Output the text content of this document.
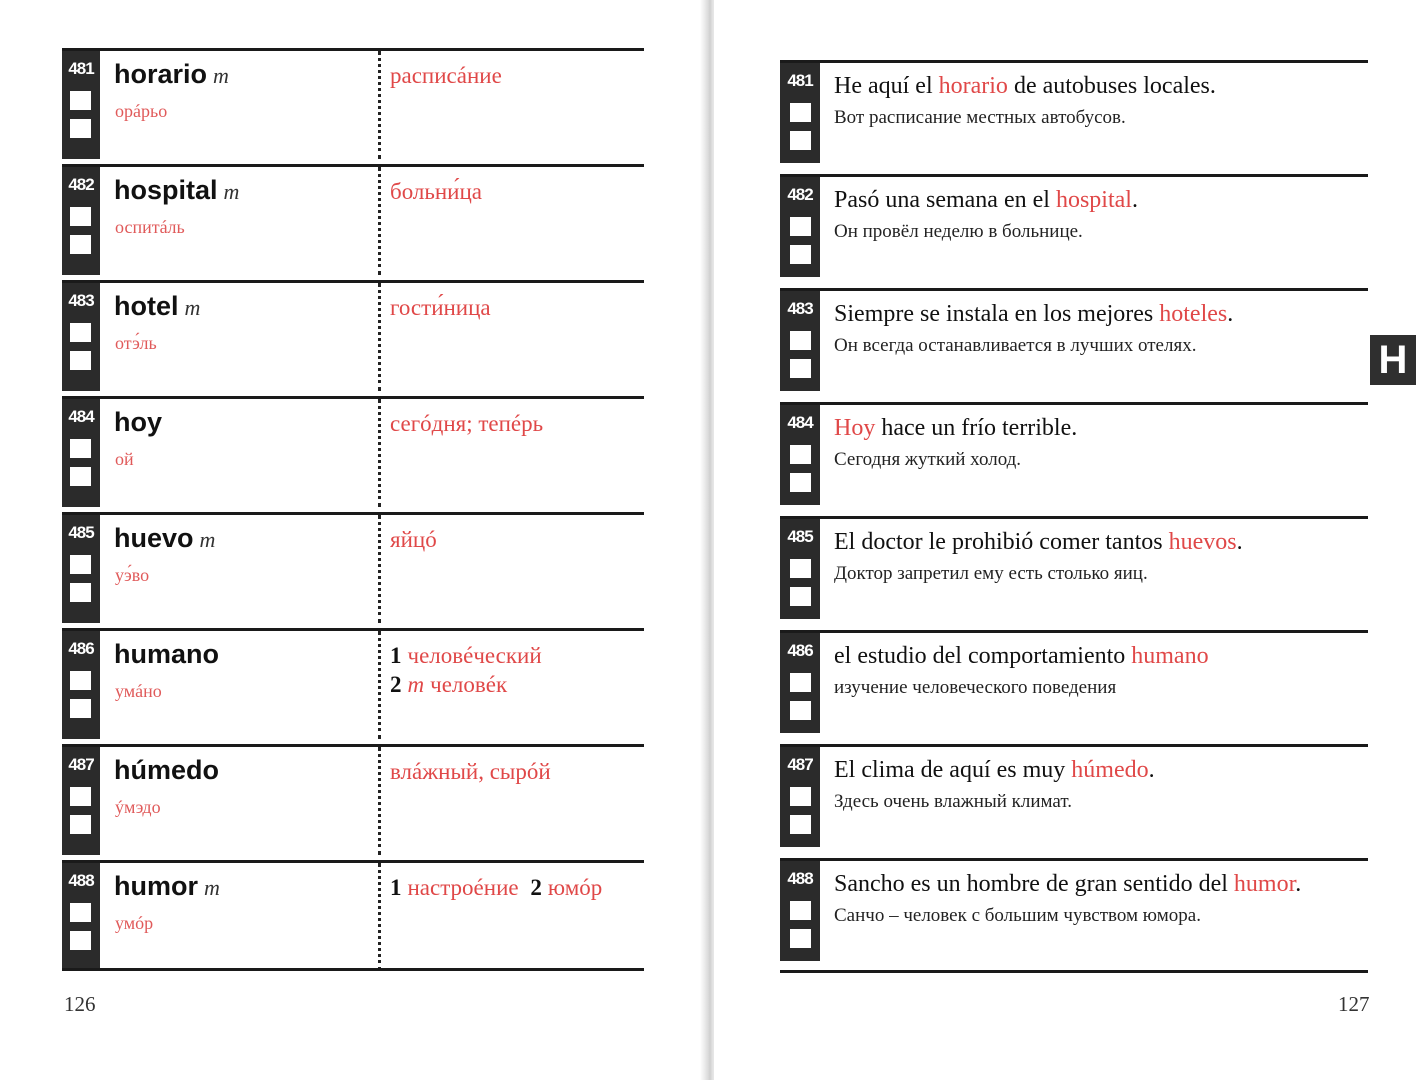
481 horario m
орáрьо
расписáние
482 hospital m
оспитáль
больни́ца
483 hotel m
отэ́ль
гости́ница
484 hoy
ой
сегóдня; тепéрь
485 huevo m
уэ́во
яйцó
486 humano
умáно
1 человéческий
2 m человéк
487 húmedo
ýмэдо
влáжный, сырóй
488 humor m
умóр
1 настроéние 2 юмóр
126
481 He aquí el horario de autobuses locales.
Вот расписание местных автобусов.
482 Pasó una semana en el hospital.
Он провёл неделю в больнице.
483 Siempre se instala en los mejores hoteles.
Он всегда останавливается в лучших отелях.
484 Hoy hace un frío terrible.
Сегодня жуткий холод.
485 El doctor le prohibió comer tantos huevos.
Доктор запретил ему есть столько яиц.
486 el estudio del comportamiento humano
изучение человеческого поведения
487 El clima de aquí es muy húmedo.
Здесь очень влажный климат.
488 Sancho es un hombre de gran sentido del humor.
Санчо – человек с большим чувством юмора.
127
H
